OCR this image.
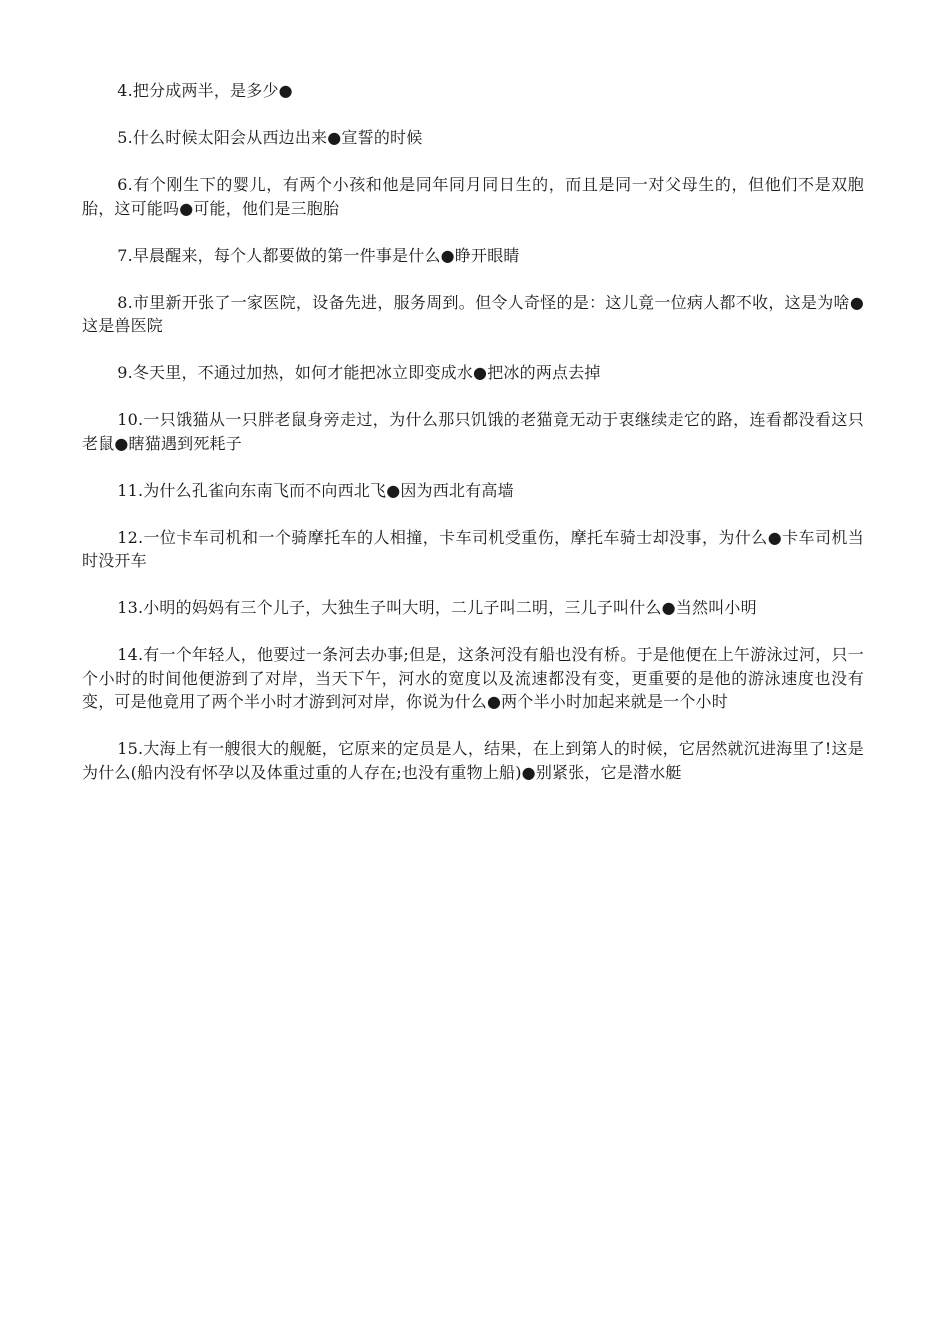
4.把分成两半，是多少●

5.什么时候太阳会从西边出来●宣誓的时候

6.有个刚生下的婴儿，有两个小孩和他是同年同月同日生的，而且是同一对父母生的，但他们不是双胞胎，这可能吗●可能，他们是三胞胎

7.早晨醒来，每个人都要做的第一件事是什么●睁开眼睛

8.市里新开张了一家医院，设备先进，服务周到。但令人奇怪的是：这儿竟一位病人都不收，这是为啥●这是兽医院

9.冬天里，不通过加热，如何才能把冰立即变成水●把冰的两点去掉

10.一只饿猫从一只胖老鼠身旁走过，为什么那只饥饿的老猫竟无动于衷继续走它的路，连看都没看这只老鼠●瞎猫遇到死耗子

11.为什么孔雀向东南飞而不向西北飞●因为西北有高墙

12.一位卡车司机和一个骑摩托车的人相撞，卡车司机受重伤，摩托车骑士却没事，为什么●卡车司机当时没开车

13.小明的妈妈有三个儿子，大独生子叫大明，二儿子叫二明，三儿子叫什么●当然叫小明

14.有一个年轻人，他要过一条河去办事;但是，这条河没有船也没有桥。于是他便在上午游泳过河，只一个小时的时间他便游到了对岸，当天下午，河水的宽度以及流速都没有变，更重要的是他的游泳速度也没有变，可是他竟用了两个半小时才游到河对岸，你说为什么●两个半小时加起来就是一个小时

15.大海上有一艘很大的舰艇，它原来的定员是人，结果，在上到第人的时候，它居然就沉进海里了!这是为什么(船内没有怀孕以及体重过重的人存在;也没有重物上船)●别紧张，它是潜水艇
